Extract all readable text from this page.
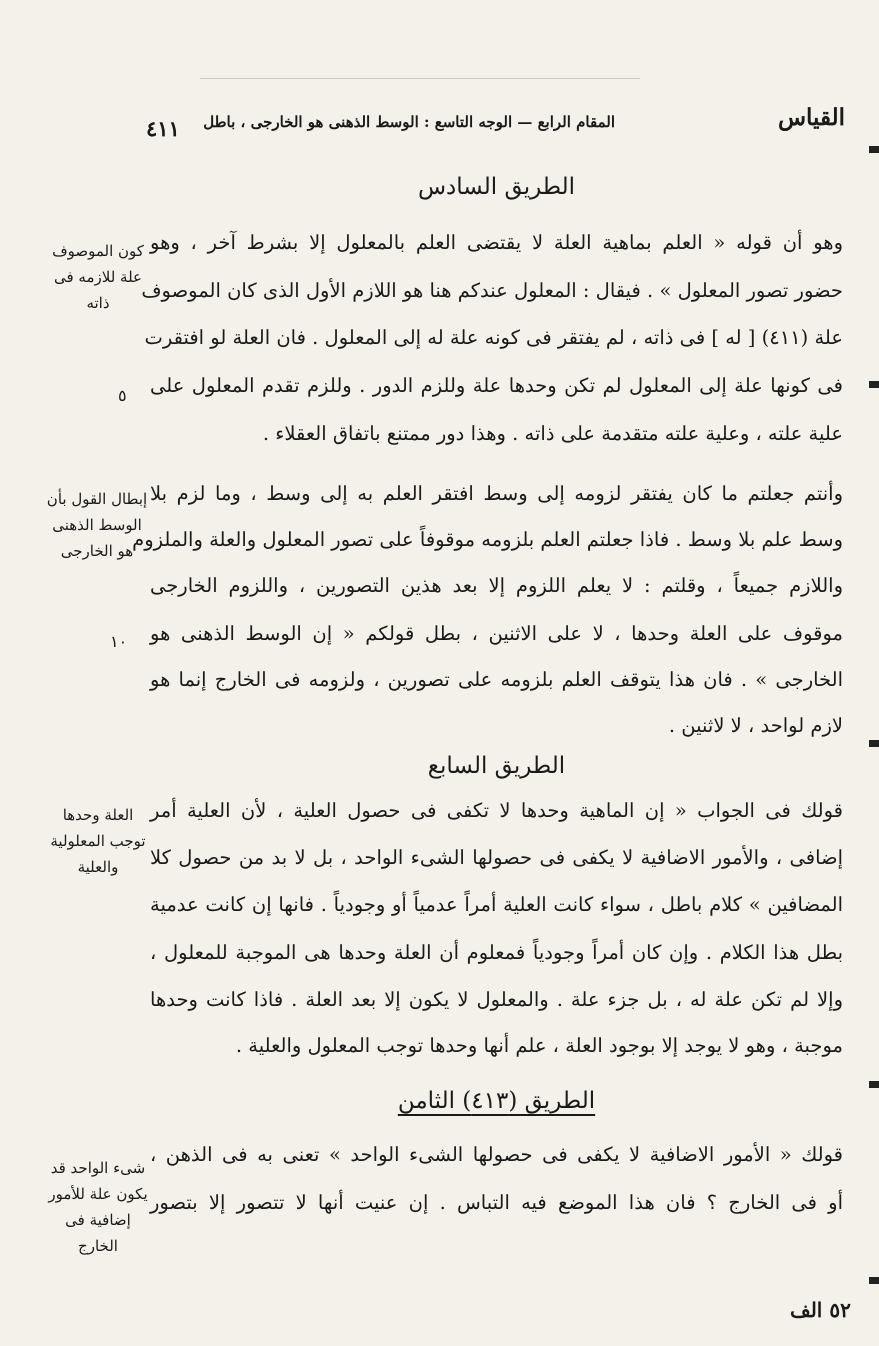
القياس
المقام الرابع — الوجه التاسع : الوسط الذهنى هو الخارجى ، باطل
٤١١
الطريق السادس
وهو أن قوله « العلم بماهية العلة لا يقتضى العلم بالمعلول إلا بشرط آخر ، وهو
حضور تصور المعلول » . فيقال : المعلول عندكم هنا هو اللازم الأول الذى كان الموصوف
علة (٤١١) [ له ] فى ذاته ، لم يفتقر فى كونه علة له إلى المعلول . فان العلة لو افتقرت
فى كونها علة إلى المعلول لم تكن وحدها علة وللزم الدور . وللزم تقدم المعلول على
علية علته ، وعلية علته متقدمة على ذاته . وهذا دور ممتنع باتفاق العقلاء .
وأنتم جعلتم ما كان يفتقر لزومه إلى وسط افتقر العلم به إلى وسط ، وما لزم بلا
وسط علم بلا وسط . فاذا جعلتم العلم بلزومه موقوفاً على تصور المعلول والعلة والملزوم
واللازم جميعاً ، وقلتم : لا يعلم اللزوم إلا بعد هذين التصورين ، واللزوم الخارجى
موقوف على العلة وحدها ، لا على الاثنين ، بطل قولكم « إن الوسط الذهنى هو
الخارجى » . فان هذا يتوقف العلم بلزومه على تصورين ، ولزومه فى الخارج إنما هو
لازم لواحد ، لا لاثنين .
الطريق السابع
قولك فى الجواب « إن الماهية وحدها لا تكفى فى حصول العلية ، لأن العلية أمر
إضافى ، والأمور الاضافية لا يكفى فى حصولها الشىء الواحد ، بل لا بد من حصول كلا
المضافين » كلام باطل ، سواء كانت العلية أمراً عدمياً أو وجودياً . فانها إن كانت عدمية
بطل هذا الكلام . وإن كان أمراً وجودياً فمعلوم أن العلة وحدها هى الموجبة للمعلول ،
وإلا لم تكن علة له ، بل جزء علة . والمعلول لا يكون إلا بعد العلة . فاذا كانت وحدها
موجبة ، وهو لا يوجد إلا بوجود العلة ، علم أنها وحدها توجب المعلول والعلية .
الطريق (٤١٣) الثامن
قولك « الأمور الاضافية لا يكفى فى حصولها الشىء الواحد » تعنى به فى الذهن ،
أو فى الخارج ؟ فان هذا الموضع فيه التباس . إن عنيت أنها لا تتصور إلا بتصور
كون الموصوف علة للازمه فى ذاته
إبطال القول بأن الوسط الذهنى هو الخارجى
العلة وحدها توجب المعلولية والعلية
شىء الواحد قد يكون علة للأمور إضافية فى الخارج
٥
١٠
٥٢ الف
